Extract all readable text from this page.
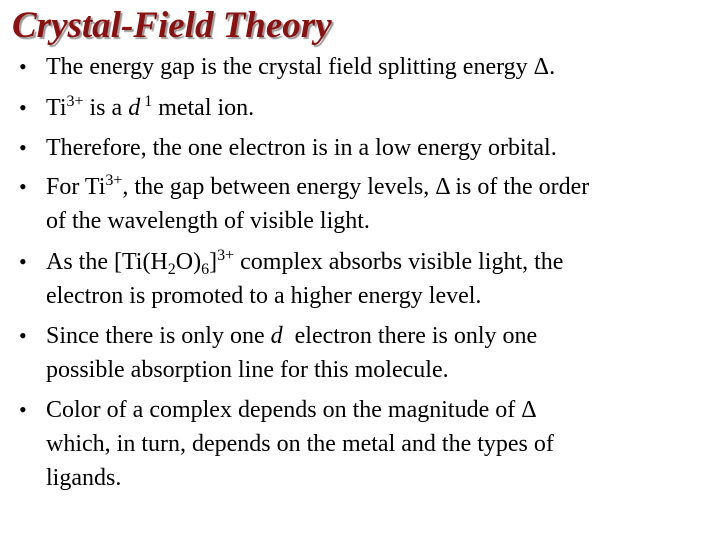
Crystal-Field Theory
• The energy gap is the crystal field splitting energy Δ.
• $Ti^{3+}$ is a d $^1$ metal ion.
• Therefore, the one electron is in a low energy orbital.
• For $Ti^{3+}$, the gap between energy levels, Δ is of the order
of the wavelength of visible light.
• As the $[Ti(H_2O)_6]^{3+}$ complex absorbs visible light, the
electron is promoted to a higher energy level.
• Since there is only one d  electron there is only one
possible absorption line for this molecule.
• Color of a complex depends on the magnitude of Δ
which, in turn, depends on the metal and the types of
ligands.
